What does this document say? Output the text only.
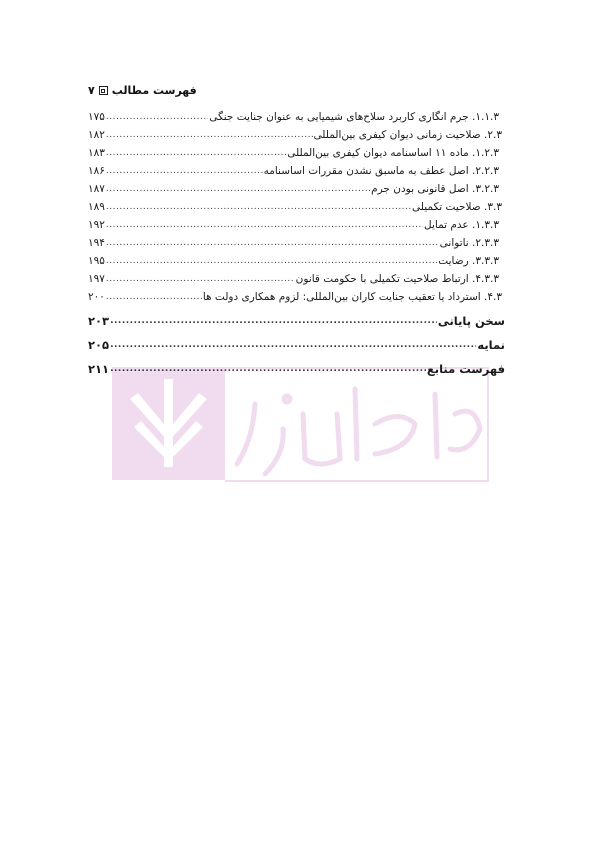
فهرست مطالب
۷
۱.۱.۳. جرم انگاری کاربرد سلاح‌های شیمیایی به عنوان جنایت جنگی
.....
۱۷۵
۲.۳. صلاحیت زمانی دیوان کیفری بین‌المللی
.....
۱۸۲
۱.۲.۳. ماده ۱۱ اساسنامه دیوان کیفری بین‌المللی
.....
۱۸۳
۲.۲.۳. اصل عطف به ماسبق نشدن مقررات اساسنامه
.....
۱۸۶
۳.۲.۳. اصل قانونی بودن جرم
.....
۱۸۷
۳.۳. صلاحیت تکمیلی
.....
۱۸۹
۱.۳.۳. عدم تمایل
.....
۱۹۲
۲.۳.۳. ناتوانی
.....
۱۹۴
۳.۳.۳. رضایت
.....
۱۹۵
۴.۳.۳. ارتباط صلاحیت تکمیلی با حکومت قانون
.....
۱۹۷
۴.۳. استرداد یا تعقیب جنایت کاران بین‌المللی: لزوم همکاری دولت ها
.....
۲۰۰
سخن پایانی
.....
۲۰۳
نمایه
.....
۲۰۵
فهرست منابع
.....
۲۱۱
